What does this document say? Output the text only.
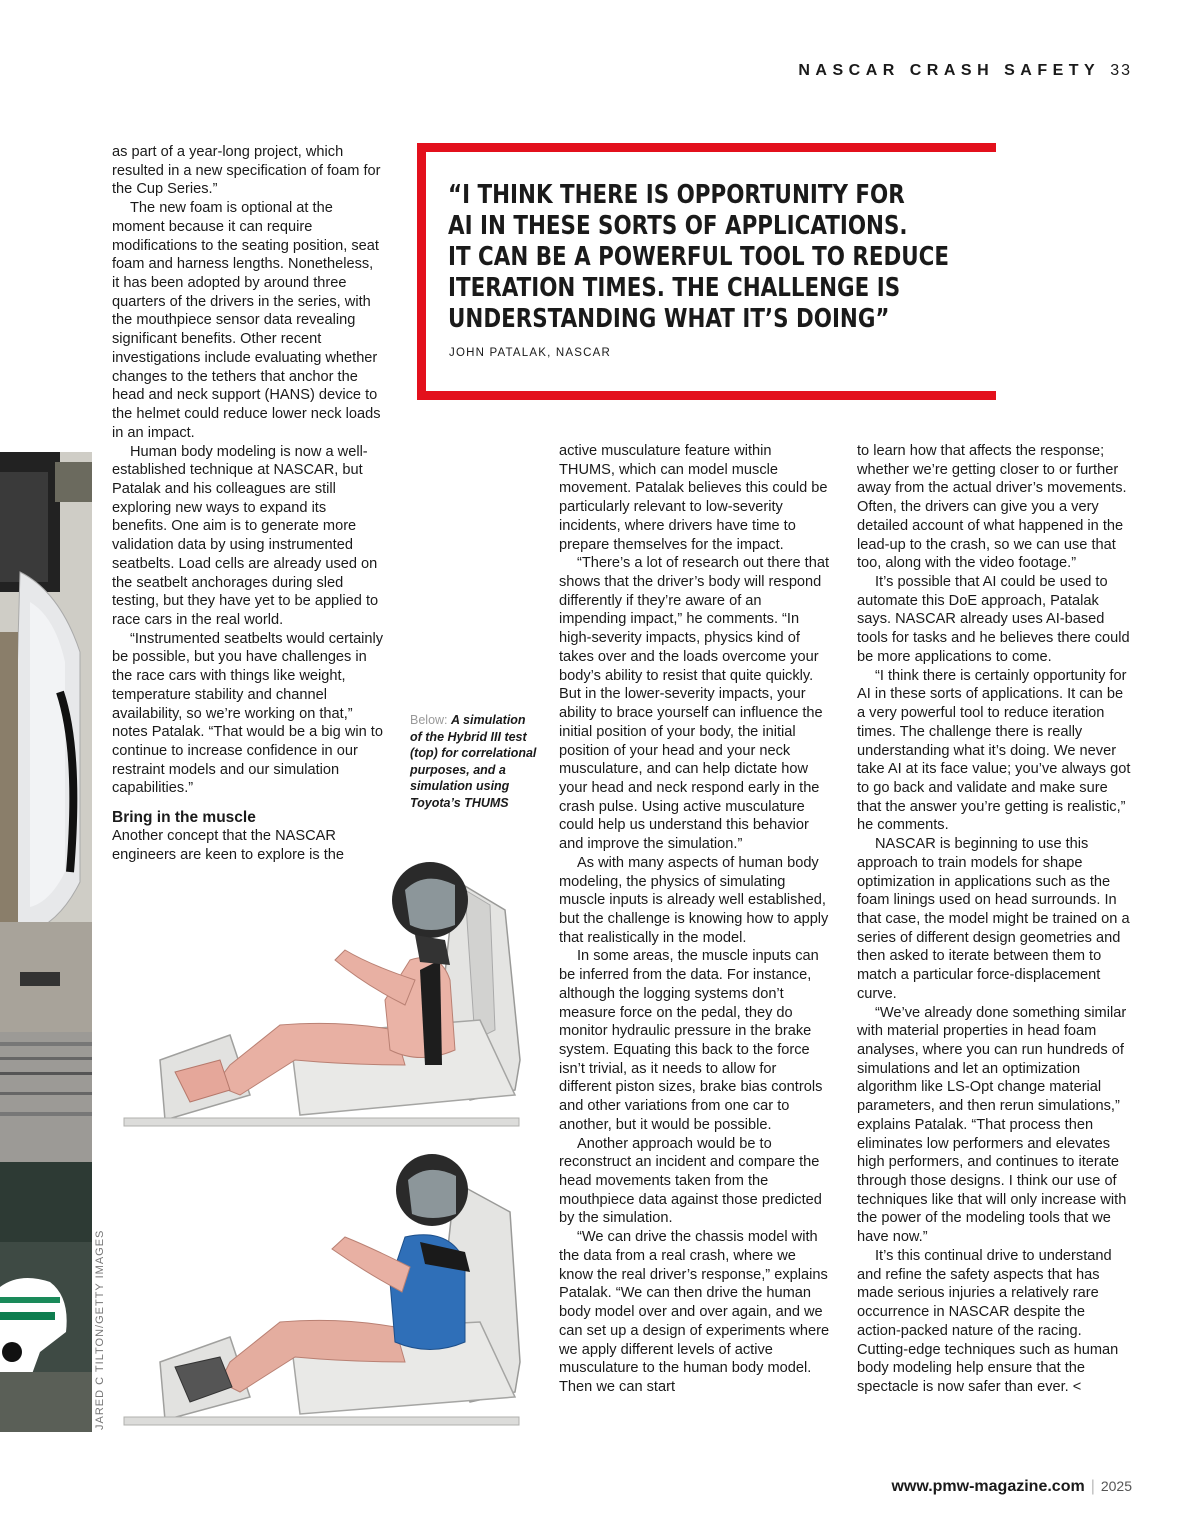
NASCAR CRASH SAFETY 33
JARED C TILTON/GETTY IMAGES

as part of a year-long project, which resulted in a new specification of foam for the Cup Series.”

The new foam is optional at the moment because it can require modifications to the seating position, seat foam and harness lengths. Nonetheless, it has been adopted by around three quarters of the drivers in the series, with the mouthpiece sensor data revealing significant benefits. Other recent investigations include evaluating whether changes to the tethers that anchor the head and neck support (HANS) device to the helmet could reduce lower neck loads in an impact.

Human body modeling is now a well-established technique at NASCAR, but Patalak and his colleagues are still exploring new ways to expand its benefits. One aim is to generate more validation data by using instrumented seatbelts. Load cells are already used on the seatbelt anchorages during sled testing, but they have yet to be applied to race cars in the real world.

“Instrumented seatbelts would certainly be possible, but you have challenges in the race cars with things like weight, temperature stability and channel availability, so we’re working on that,” notes Patalak. “That would be a big win to continue to increase confidence in our restraint models and our simulation capabilities.”

Bring in the muscle

Another concept that the NASCAR engineers are keen to explore is the

“I THINK THERE IS OPPORTUNITY FOR
AI IN THESE SORTS OF APPLICATIONS.
IT CAN BE A POWERFUL TOOL TO REDUCE
ITERATION TIMES. THE CHALLENGE IS
UNDERSTANDING WHAT IT’S DOING”
JOHN PATALAK, NASCAR
Below: A simulation of the Hybrid III test (top) for correlational purposes, and a simulation using Toyota’s THUMS

active musculature feature within THUMS, which can model muscle movement. Patalak believes this could be particularly relevant to low-severity incidents, where drivers have time to prepare themselves for the impact.

“There’s a lot of research out there that shows that the driver’s body will respond differently if they’re aware of an impending impact,” he comments. “In high-severity impacts, physics kind of takes over and the loads overcome your body’s ability to resist that quite quickly. But in the lower-severity impacts, your ability to brace yourself can influence the initial position of your body, the initial position of your head and your neck musculature, and can help dictate how your head and neck respond early in the crash pulse. Using active musculature could help us understand this behavior and improve the simulation.”

As with many aspects of human body modeling, the physics of simulating muscle inputs is already well established, but the challenge is knowing how to apply that realistically in the model.

In some areas, the muscle inputs can be inferred from the data. For instance, although the logging systems don’t measure force on the pedal, they do monitor hydraulic pressure in the brake system. Equating this back to the force isn’t trivial, as it needs to allow for different piston sizes, brake bias controls and other variations from one car to another, but it would be possible.

Another approach would be to reconstruct an incident and compare the head movements taken from the mouthpiece data against those predicted by the simulation.

“We can drive the chassis model with the data from a real crash, where we know the real driver’s response,” explains Patalak. “We can then drive the human body model over and over again, and we can set up a design of experiments where we apply different levels of active musculature to the human body model. Then we can start

to learn how that affects the response; whether we’re getting closer to or further away from the actual driver’s movements. Often, the drivers can give you a very detailed account of what happened in the lead-up to the crash, so we can use that too, along with the video footage.”

It’s possible that AI could be used to automate this DoE approach, Patalak says. NASCAR already uses AI-based tools for tasks and he believes there could be more applications to come.

“I think there is certainly opportunity for AI in these sorts of applications. It can be a very powerful tool to reduce iteration times. The challenge there is really understanding what it’s doing. We never take AI at its face value; you’ve always got to go back and validate and make sure that the answer you’re getting is realistic,” he comments.

NASCAR is beginning to use this approach to train models for shape optimization in applications such as the foam linings used on head surrounds. In that case, the model might be trained on a series of different design geometries and then asked to iterate between them to match a particular force-displacement curve.

“We’ve already done something similar with material properties in head foam analyses, where you can run hundreds of simulations and let an optimization algorithm like LS-Opt change material parameters, and then rerun simulations,” explains Patalak. “That process then eliminates low performers and elevates high performers, and continues to iterate through those designs. I think our use of techniques like that will only increase with the power of the modeling tools that we have now.”

It’s this continual drive to understand and refine the safety aspects that has made serious injuries a relatively rare occurrence in NASCAR despite the action-packed nature of the racing. Cutting-edge techniques such as human body modeling help ensure that the spectacle is now safer than ever. <

www.pmw-magazine.com | 2025
